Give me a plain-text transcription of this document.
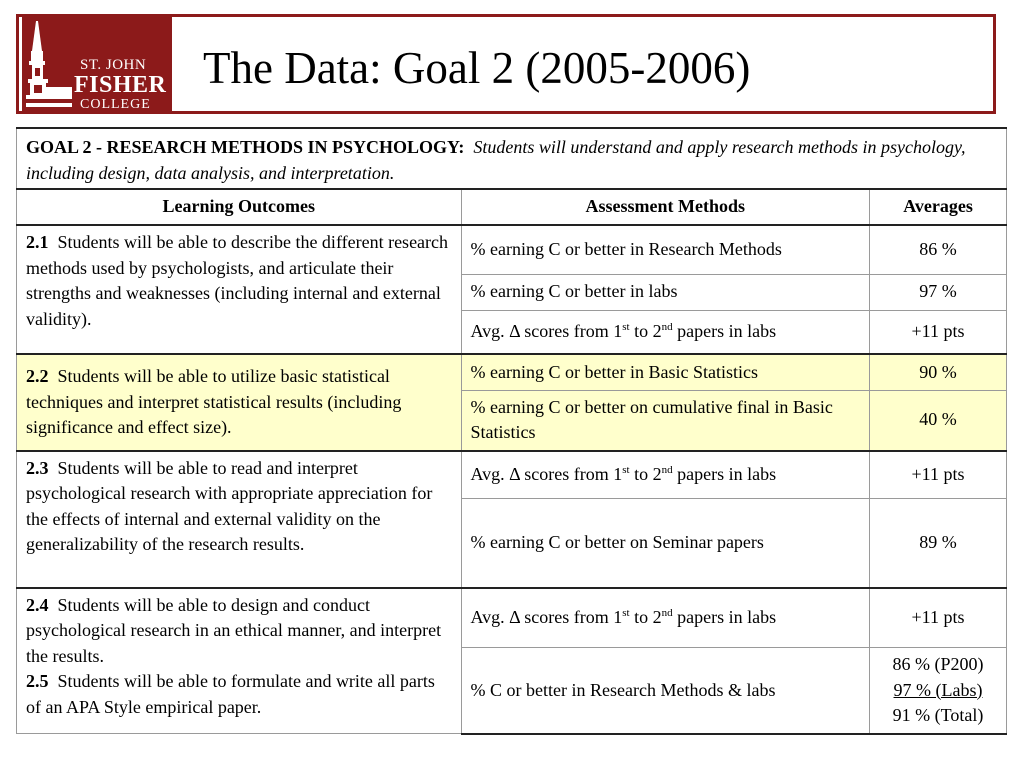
ST. JOHN
FISHER
COLLEGE
The Data: Goal 2 (2005-2006)
GOAL 2 - RESEARCH METHODS IN PSYCHOLOGY: Students will understand and apply research methods in psychology, including design, data analysis, and interpretation.		
Learning Outcomes	Assessment Methods	Averages
2.1 Students will be able to describe the different research methods used by psychologists, and articulate their strengths and weaknesses (including internal and external validity).	% earning C or better in Research Methods	86 %
	% earning C or better in labs	97 %
	Avg. Δ scores from 1st to 2nd papers in labs	+11 pts
2.2 Students will be able to utilize basic statistical techniques and interpret statistical results (including significance and effect size).	% earning C or better in Basic Statistics	90 %
	% earning C or better on cumulative final in Basic Statistics	40 %
2.3 Students will be able to read and interpret psychological research with appropriate appreciation for the effects of internal and external validity on the generalizability of the research results.	Avg. Δ scores from 1st to 2nd papers in labs	+11 pts
	% earning C or better on Seminar papers	89 %
2.4 Students will be able to design and conduct psychological research in an ethical manner, and interpret the results.
2.5 Students will be able to formulate and write all parts of an APA Style empirical paper.	Avg. Δ scores from 1st to 2nd papers in labs	+11 pts
	% C or better in Research Methods & labs	86 % (P200)
97 % (Labs)
91 % (Total)
